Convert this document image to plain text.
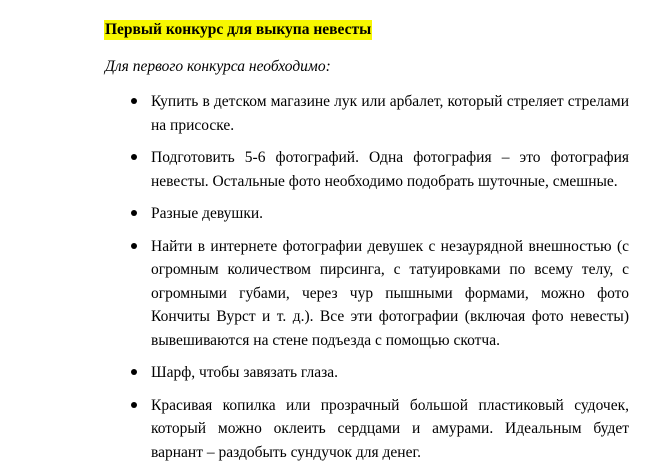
Первый конкурс для выкупа невесты
Для первого конкурса необходимо:
Купить в детском магазине лук или арбалет, который стреляет стрелами на присоске.
Подготовить 5-6 фотографий. Одна фотография – это фотография невесты. Остальные фото необходимо подобрать шуточные, смешные.
Разные девушки.
Найти в интернете фотографии девушек с незаурядной внешностью (с огромным количеством пирсинга, с татуировками по всему телу, с огромными губами, через чур пышными формами, можно фото Кончиты Вурст и т. д.). Все эти фотографии (включая фото невесты) вывешиваются на стене подъезда с помощью скотча.
Шарф, чтобы завязать глаза.
Красивая копилка или прозрачный большой пластиковый судочек, который можно оклеить сердцами и амурами. Идеальным будет варнант – раздобыть сундучок для денег.
